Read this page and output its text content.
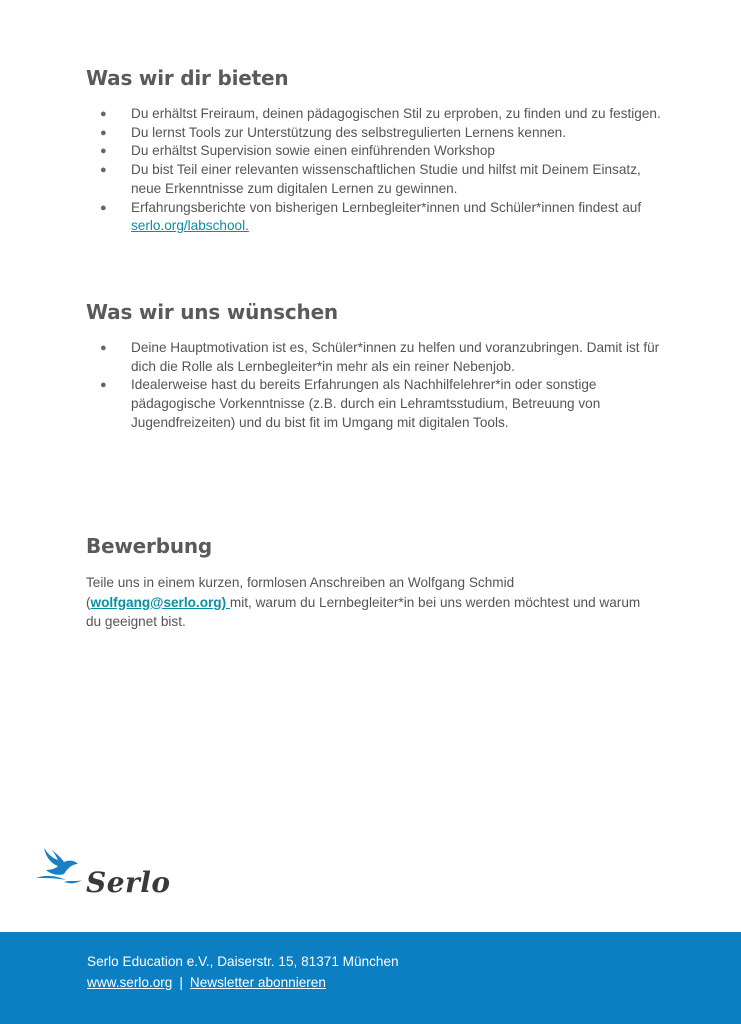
Was wir dir bieten
● Du erhältst Freiraum, deinen pädagogischen Stil zu erproben, zu finden und zu festigen.
● Du lernst Tools zur Unterstützung des selbstregulierten Lernens kennen.
● Du erhältst Supervision sowie einen einführenden Workshop
● Du bist Teil einer relevanten wissenschaftlichen Studie und hilfst mit Deinem Einsatz, neue Erkenntnisse zum digitalen Lernen zu gewinnen.
● Erfahrungsberichte von bisherigen Lernbegleiter*innen und Schüler*innen findest auf serlo.org/labschool.
Was wir uns wünschen
● Deine Hauptmotivation ist es, Schüler*innen zu helfen und voranzubringen. Damit ist für dich die Rolle als Lernbegleiter*in mehr als ein reiner Nebenjob.
● Idealerweise hast du bereits Erfahrungen als Nachhilfelehrer*in oder sonstige pädagogische Vorkenntnisse (z.B. durch ein Lehramtsstudium, Betreuung von Jugendfreizeiten) und du bist fit im Umgang mit digitalen Tools.
Bewerbung

Teile uns in einem kurzen, formlosen Anschreiben an Wolfgang Schmid (wolfgang@serlo.org) mit, warum du Lernbegleiter*in bei uns werden möchtest und warum du geeignet bist.

Serlo
Serlo Education e.V., Daiserstr. 15, 81371 München
www.serlo.org | Newsletter abonnieren
